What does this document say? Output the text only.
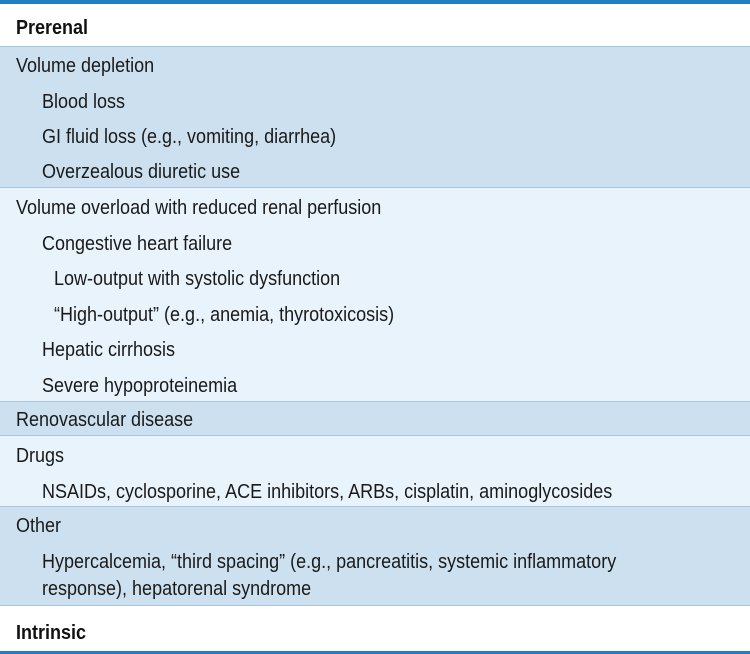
Prerenal
Volume depletion
Blood loss
GI fluid loss (e.g., vomiting, diarrhea)
Overzealous diuretic use
Volume overload with reduced renal perfusion
Congestive heart failure
Low-output with systolic dysfunction
“High-output” (e.g., anemia, thyrotoxicosis)
Hepatic cirrhosis
Severe hypoproteinemia
Renovascular disease
Drugs
NSAIDs, cyclosporine, ACE inhibitors, ARBs, cisplatin, aminoglycosides
Other
Hypercalcemia, “third spacing” (e.g., pancreatitis, systemic inflammatory
response), hepatorenal syndrome
Intrinsic
